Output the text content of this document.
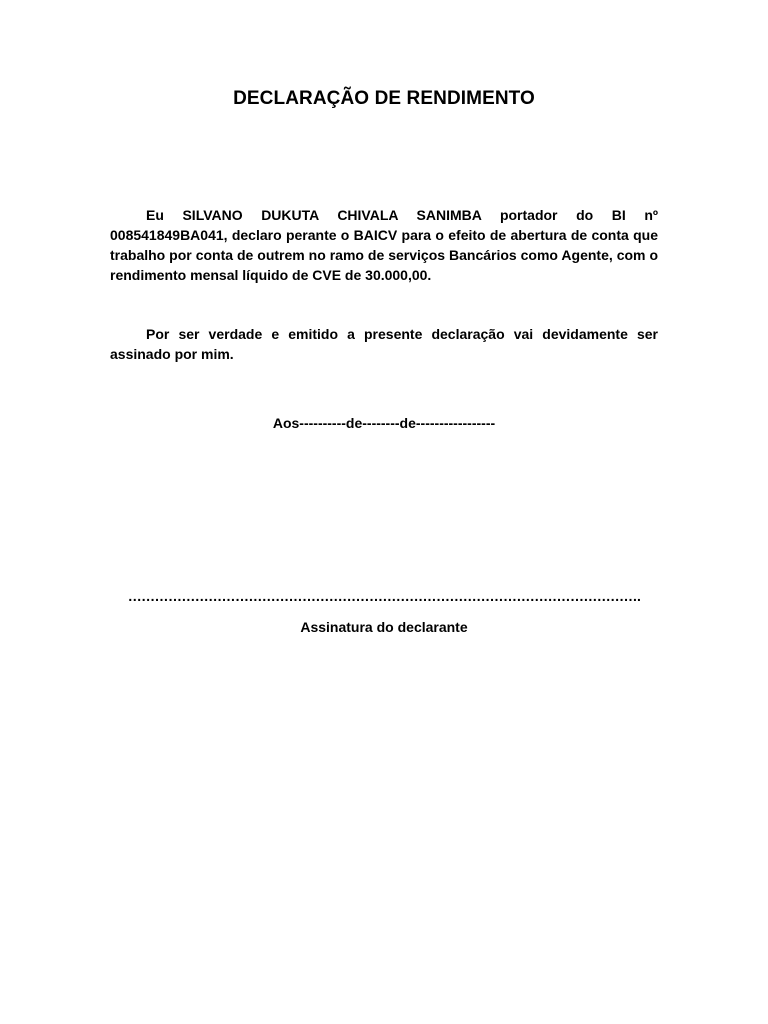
DECLARAÇÃO DE RENDIMENTO

Eu SILVANO DUKUTA CHIVALA SANIMBA portador do BI nº 008541849BA041, declaro perante o BAICV para o efeito de abertura de conta que trabalho por conta de outrem no ramo de serviços Bancários como Agente, com o rendimento mensal líquido de CVE de 30.000,00.

Por ser verdade e emitido a presente declaração vai devidamente ser assinado por mim.

Aos----------de--------de-----------------
…………………………………………………………………………………………………….
Assinatura do declarante
